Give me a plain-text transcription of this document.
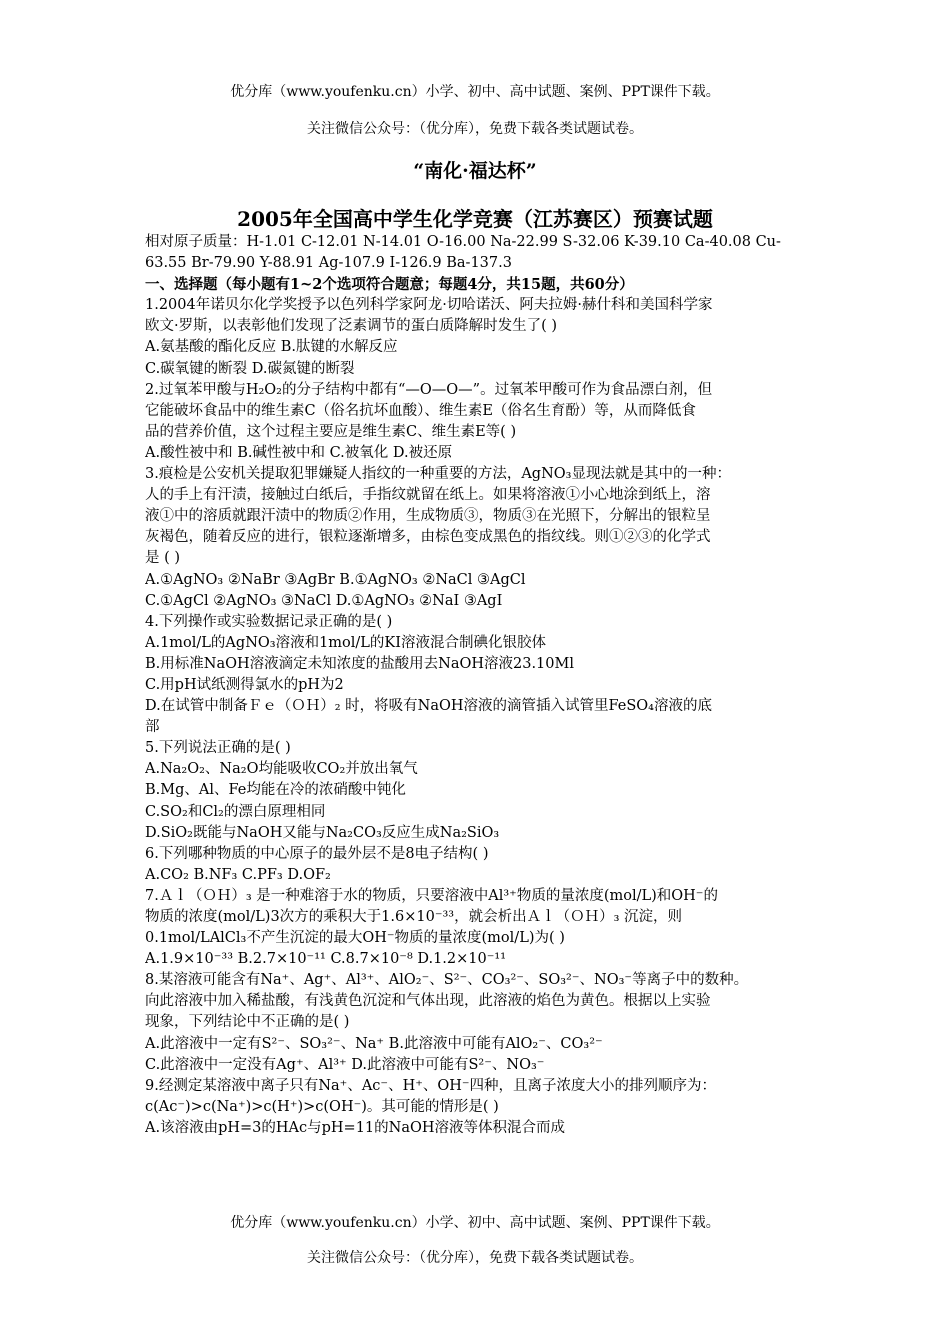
优分库（www.youfenku.cn）小学、初中、高中试题、案例、PPT课件下载。
关注微信公众号：（优分库），免费下载各类试题试卷。
“南化·福达杯”
2005年全国高中学生化学竞赛（江苏赛区）预赛试题
相对原子质量：H-1.01 C-12.01 N-14.01 O-16.00 Na-22.99 S-32.06 K-39.10 Ca-40.08 Cu-
63.55 Br-79.90 Y-88.91 Ag-107.9 I-126.9 Ba-137.3
一、选择题（每小题有1~2个选项符合题意；每题4分，共15题，共60分）
1.2004年诺贝尔化学奖授予以色列科学家阿龙·切哈诺沃、阿夫拉姆·赫什科和美国科学家
欧文·罗斯，以表彰他们发现了泛素调节的蛋白质降解时发生了( )
A.氨基酸的酯化反应 B.肽键的水解反应
C.碳氧键的断裂 D.碳氮键的断裂
2.过氧苯甲酸与H₂O₂的分子结构中都有“—O—O—”。过氧苯甲酸可作为食品漂白剂，但
它能破坏食品中的维生素C（俗名抗坏血酸）、维生素E（俗名生育酚）等，从而降低食
品的营养价值，这个过程主要应是维生素C、维生素E等( )
A.酸性被中和 B.碱性被中和 C.被氧化 D.被还原
3.痕检是公安机关提取犯罪嫌疑人指纹的一种重要的方法，AgNO₃显现法就是其中的一种：
人的手上有汗渍，接触过白纸后，手指纹就留在纸上。如果将溶液①小心地涂到纸上，溶
液①中的溶质就跟汗渍中的物质②作用，生成物质③，物质③在光照下，分解出的银粒呈
灰褐色，随着反应的进行，银粒逐渐增多，由棕色变成黑色的指纹线。则①②③的化学式
是 ( )
A.①AgNO₃ ②NaBr ③AgBr B.①AgNO₃ ②NaCl ③AgCl
C.①AgCl ②AgNO₃ ③NaCl D.①AgNO₃ ②NaI ③AgI
4.下列操作或实验数据记录正确的是( )
A.1mol/L的AgNO₃溶液和1mol/L的KI溶液混合制碘化银胶体
B.用标准NaOH溶液滴定未知浓度的盐酸用去NaOH溶液23.10Ml
C.用pH试纸测得氯水的pH为2
D.在试管中制备Ｆｅ（ＯＨ）₂ 时，将吸有NaOH溶液的滴管插入试管里FeSO₄溶液的底
部
5.下列说法正确的是( )
A.Na₂O₂、Na₂O均能吸收CO₂并放出氧气
B.Mg、Al、Fe均能在冷的浓硝酸中钝化
C.SO₂和Cl₂的漂白原理相同
D.SiO₂既能与NaOH又能与Na₂CO₃反应生成Na₂SiO₃
6.下列哪种物质的中心原子的最外层不是8电子结构( )
A.CO₂ B.NF₃ C.PF₃ D.OF₂
7.Ａｌ（ＯＨ）₃ 是一种难溶于水的物质，只要溶液中Al³⁺物质的量浓度(mol/L)和OH⁻的
物质的浓度(mol/L)3次方的乘积大于1.6×10⁻³³，就会析出Ａｌ（ＯＨ）₃ 沉淀，则
0.1mol/LAlCl₃不产生沉淀的最大OH⁻物质的量浓度(mol/L)为( )
A.1.9×10⁻³³ B.2.7×10⁻¹¹ C.8.7×10⁻⁸ D.1.2×10⁻¹¹
8.某溶液可能含有Na⁺、Ag⁺、Al³⁺、AlO₂⁻、S²⁻、CO₃²⁻、SO₃²⁻、NO₃⁻等离子中的数种。
向此溶液中加入稀盐酸，有浅黄色沉淀和气体出现，此溶液的焰色为黄色。根据以上实验
现象，下列结论中不正确的是( )
A.此溶液中一定有S²⁻、SO₃²⁻、Na⁺ B.此溶液中可能有AlO₂⁻、CO₃²⁻
C.此溶液中一定没有Ag⁺、Al³⁺ D.此溶液中可能有S²⁻、NO₃⁻
9.经测定某溶液中离子只有Na⁺、Ac⁻、H⁺、OH⁻四种，且离子浓度大小的排列顺序为：
c(Ac⁻)>c(Na⁺)>c(H⁺)>c(OH⁻)。其可能的情形是( )
A.该溶液由pH=3的HAc与pH=11的NaOH溶液等体积混合而成
优分库（www.youfenku.cn）小学、初中、高中试题、案例、PPT课件下载。
关注微信公众号：（优分库），免费下载各类试题试卷。
